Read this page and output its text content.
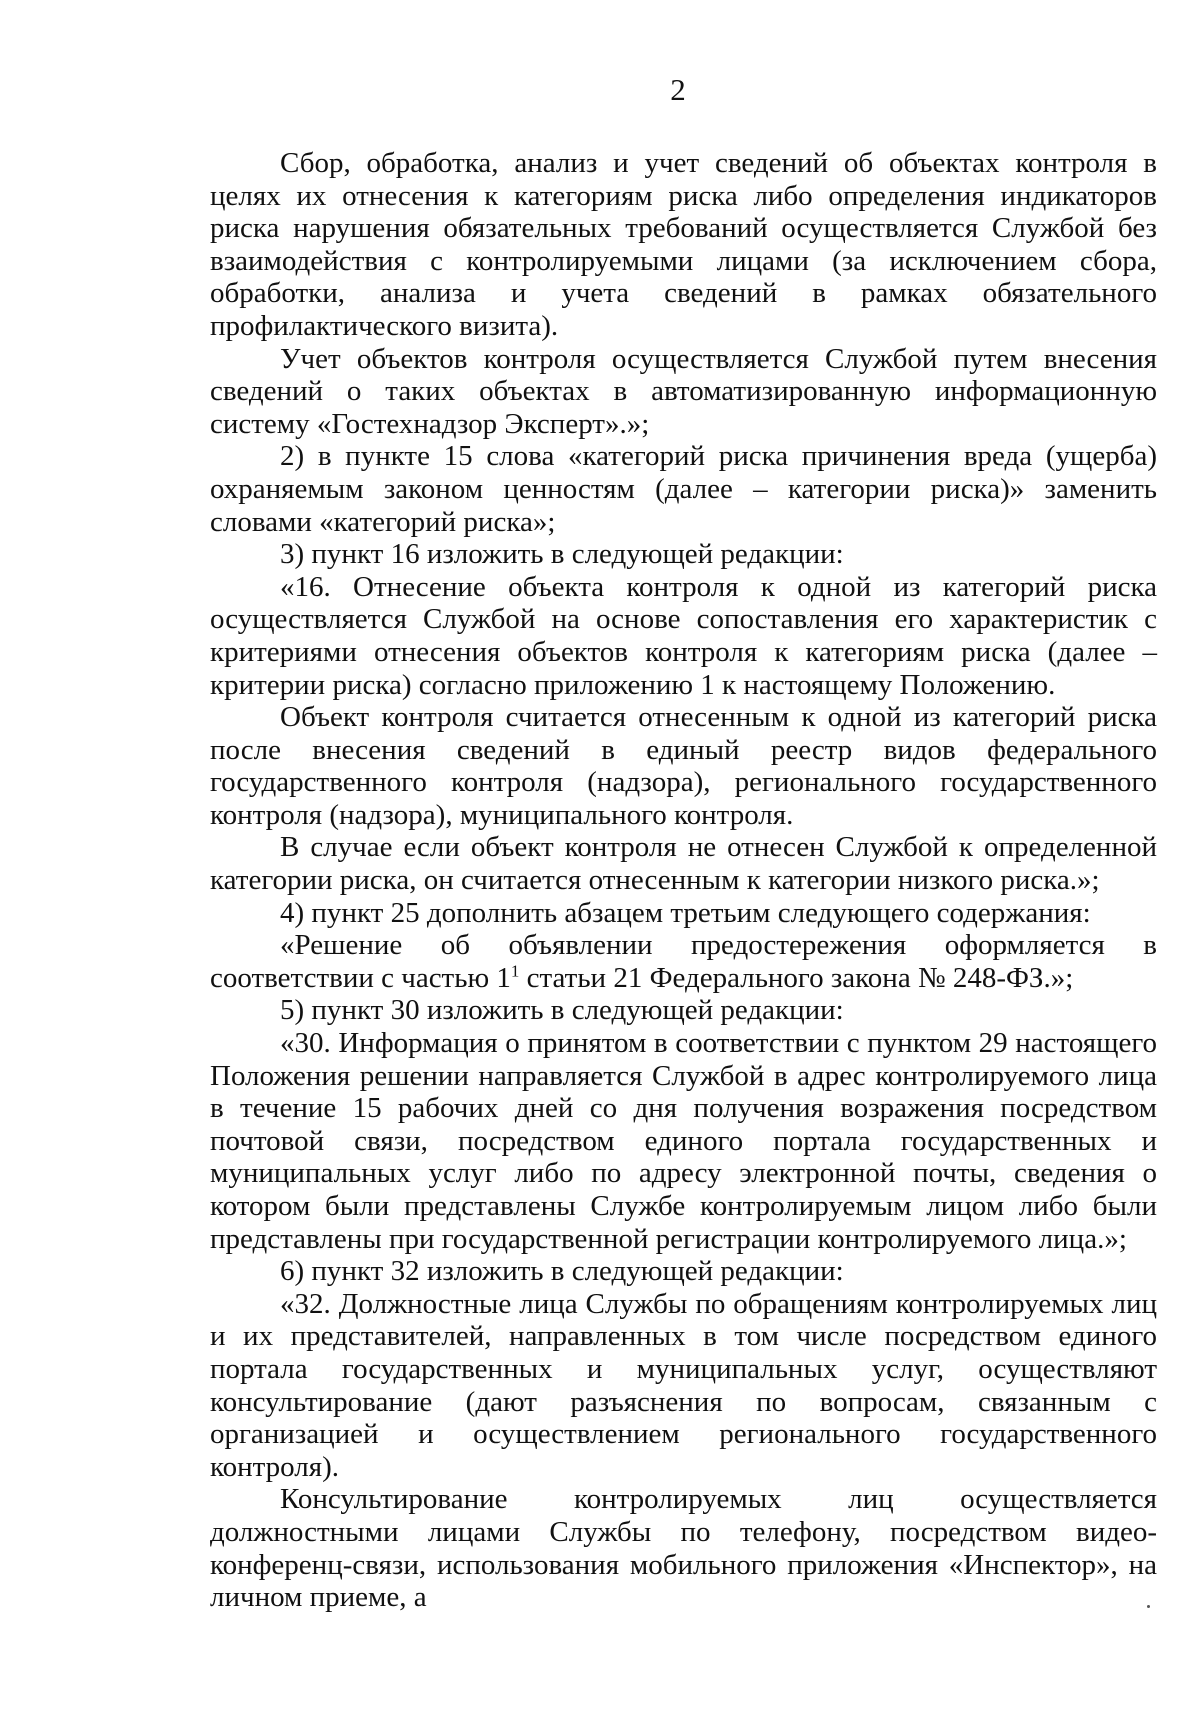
2

Сбор, обработка, анализ и учет сведений об объектах контроля в целях их отнесения к категориям риска либо определения индикаторов риска нарушения обязательных требований осуществляется Службой без взаимодействия с контролируемыми лицами (за исключением сбора, обработки, анализа и учета сведений в рамках обязательного профилактического визита).

Учет объектов контроля осуществляется Службой путем внесения сведений о таких объектах в автоматизированную информационную систему «Гостехнадзор Эксперт».»;

2) в пункте 15 слова «категорий риска причинения вреда (ущерба) охраняемым законом ценностям (далее – категории риска)» заменить словами «категорий риска»;

3) пункт 16 изложить в следующей редакции:

«16. Отнесение объекта контроля к одной из категорий риска осуществляется Службой на основе сопоставления его характеристик с критериями отнесения объектов контроля к категориям риска (далее – критерии риска) согласно приложению 1 к настоящему Положению.

Объект контроля считается отнесенным к одной из категорий риска после внесения сведений в единый реестр видов федерального государственного контроля (надзора), регионального государственного контроля (надзора), муниципального контроля.

В случае если объект контроля не отнесен Службой к определенной категории риска, он считается отнесенным к категории низкого риска.»;

4) пункт 25 дополнить абзацем третьим следующего содержания:

«Решение об объявлении предостережения оформляется в соответствии с частью $1^1$ статьи 21 Федерального закона № 248-ФЗ.»;

5) пункт 30 изложить в следующей редакции:

«30. Информация о принятом в соответствии с пунктом 29 настоящего Положения решении направляется Службой в адрес контролируемого лица в течение 15 рабочих дней со дня получения возражения посредством почтовой связи, посредством единого портала государственных и муниципальных услуг либо по адресу электронной почты, сведения о котором были представлены Службе контролируемым лицом либо были представлены при государственной регистрации контролируемого лица.»;

6) пункт 32 изложить в следующей редакции:

«32. Должностные лица Службы по обращениям контролируемых лиц и их представителей, направленных в том числе посредством единого портала государственных и муниципальных услуг, осуществляют консультирование (дают разъяснения по вопросам, связанным с организацией и осуществлением регионального государственного контроля).

Консультирование контролируемых лиц осуществляется должностными лицами Службы по телефону, посредством видео-конференц-связи, использования мобильного приложения «Инспектор», на личном приеме, а
